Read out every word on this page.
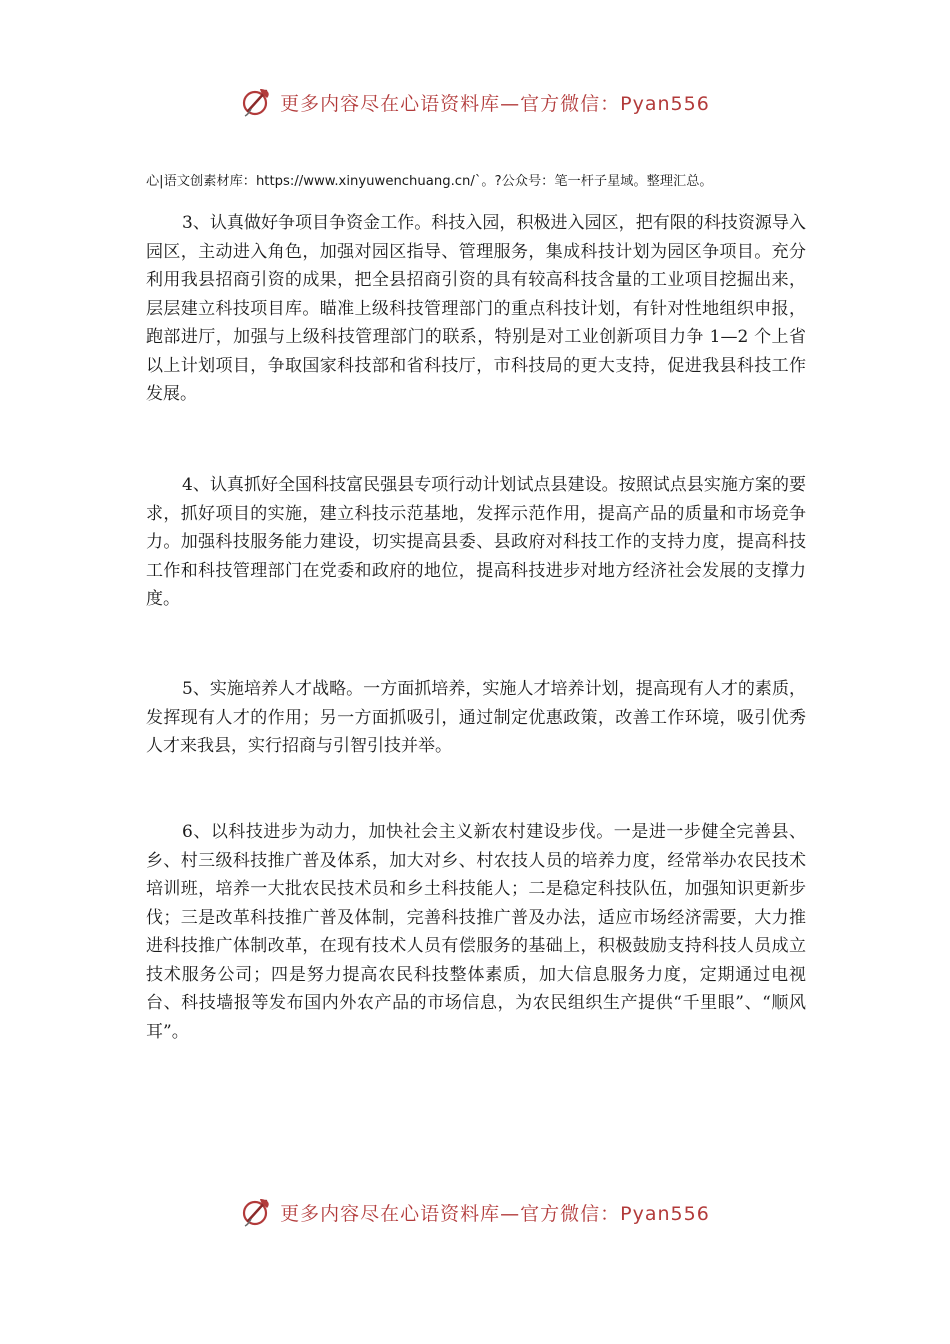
更多内容尽在心语资料库—官方微信：Pyan556
心|语文创素材库：https://www.xinyuwenchuang.cn/`。?公众号：笔一杆子星域。整理汇总。

3、认真做好争项目争资金工作。科技入园，积极进入园区，把有限的科技资源导入园区，主动进入角色，加强对园区指导、管理服务，集成科技计划为园区争项目。充分利用我县招商引资的成果，把全县招商引资的具有较高科技含量的工业项目挖掘出来，层层建立科技项目库。瞄准上级科技管理部门的重点科技计划，有针对性地组织申报，跑部进厅，加强与上级科技管理部门的联系，特别是对工业创新项目力争 1—2 个上省以上计划项目，争取国家科技部和省科技厅，市科技局的更大支持，促进我县科技工作发展。

4、认真抓好全国科技富民强县专项行动计划试点县建设。按照试点县实施方案的要求，抓好项目的实施，建立科技示范基地，发挥示范作用，提高产品的质量和市场竞争力。加强科技服务能力建设，切实提高县委、县政府对科技工作的支持力度，提高科技工作和科技管理部门在党委和政府的地位，提高科技进步对地方经济社会发展的支撑力度。

5、实施培养人才战略。一方面抓培养，实施人才培养计划，提高现有人才的素质，发挥现有人才的作用；另一方面抓吸引，通过制定优惠政策，改善工作环境，吸引优秀人才来我县，实行招商与引智引技并举。

6、以科技进步为动力，加快社会主义新农村建设步伐。一是进一步健全完善县、乡、村三级科技推广普及体系，加大对乡、村农技人员的培养力度，经常举办农民技术培训班，培养一大批农民技术员和乡土科技能人；二是稳定科技队伍，加强知识更新步伐；三是改革科技推广普及体制，完善科技推广普及办法，适应市场经济需要，大力推进科技推广体制改革，在现有技术人员有偿服务的基础上，积极鼓励支持科技人员成立技术服务公司；四是努力提高农民科技整体素质，加大信息服务力度，定期通过电视台、科技墙报等发布国内外农产品的市场信息，为农民组织生产提供“千里眼”、“顺风耳”。

更多内容尽在心语资料库—官方微信：Pyan556
